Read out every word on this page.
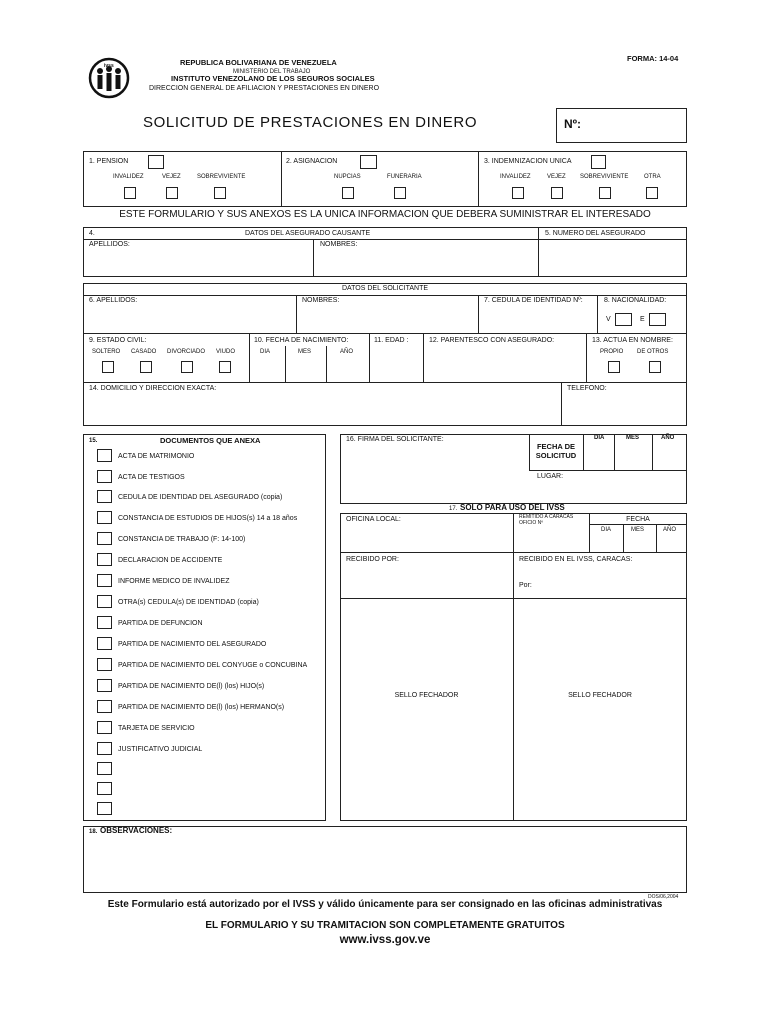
ivss	REPUBLICA BOLIVARIANA DE VENEZUELA
MINISTERIO DEL TRABAJO
INSTITUTO VENEZOLANO DE LOS SEGUROS SOCIALES
DIRECCION GENERAL DE AFILIACION Y PRESTACIONES EN DINERO
FORMA: 14-04
SOLICITUD DE PRESTACIONES EN DINERO	Nº:
1. PENSION
INVALIDEZ	VEJEZ	SOBREVIVIENTE
2. ASIGNACION
NUPCIAS	FUNERARIA
3. INDEMNIZACION UNICA
INVALIDEZ	VEJEZ SOBREVIVIENTE	OTRA
ESTE FORMULARIO Y SUS ANEXOS ES LA UNICA INFORMACION QUE DEBERA SUMINISTRAR EL INTERESADO
4.	DATOS DEL ASEGURADO CAUSANTE	5. NUMERO DEL ASEGURADO
APELLIDOS:	NOMBRES:
DATOS DEL SOLICITANTE
6. APELLIDOS:	NOMBRES:	7. CEDULA DE IDENTIDAD Nº:	8. NACIONALIDAD:
V	E
9. ESTADO CIVIL:
SOLTERO CASADO DIVORCIADO VIUDO
10. FECHA DE NACIMIENTO:
DIA	MES	AÑO
11. EDAD :	12. PARENTESCO CON ASEGURADO:	13. ACTUA EN NOMBRE:
PROPIO DE OTROS
14. DOMICILIO Y DIRECCION EXACTA:	TELEFONO:
15.	DOCUMENTOS QUE ANEXA
ACTA DE MATRIMONIO
ACTA DE TESTIGOS
CEDULA DE IDENTIDAD DEL ASEGURADO (copia)
CONSTANCIA DE ESTUDIOS DE HIJOS(s) 14 a 18 años
CONSTANCIA DE TRABAJO (F: 14-100)
DECLARACION DE ACCIDENTE
INFORME MEDICO DE INVALIDEZ
OTRA(s) CEDULA(s) DE IDENTIDAD (copia)
PARTIDA DE DEFUNCION
PARTIDA DE NACIMIENTO DEL ASEGURADO
PARTIDA DE NACIMIENTO DEL CONYUGE o CONCUBINA
PARTIDA DE NACIMIENTO DE(l) (los) HIJO(s)
PARTIDA DE NACIMIENTO DE(l) (los) HERMANO(s)
TARJETA DE SERVICIO
JUSTIFICATIVO JUDICIAL
16. FIRMA DEL SOLICITANTE:
FECHA DE SOLICITUD
DIA	MES	AÑO
LUGAR:
17. SOLO PARA USO DEL IVSS
OFICINA LOCAL:	REMITIDO A CARACAS
OFICIO Nº	FECHA
DIA	MES	AÑO
RECIBIDO POR:	RECIBIDO EN EL IVSS, CARACAS:
Por:
SELLO FECHADOR	SELLO FECHADOR
18. OBSERVACIONES:
DOS/06,2004
Este Formulario está autorizado por el IVSS y válido únicamente para ser consignado en las oficinas administrativas
EL FORMULARIO Y SU TRAMITACION SON COMPLETAMENTE GRATUITOS
www.ivss.gov.ve
